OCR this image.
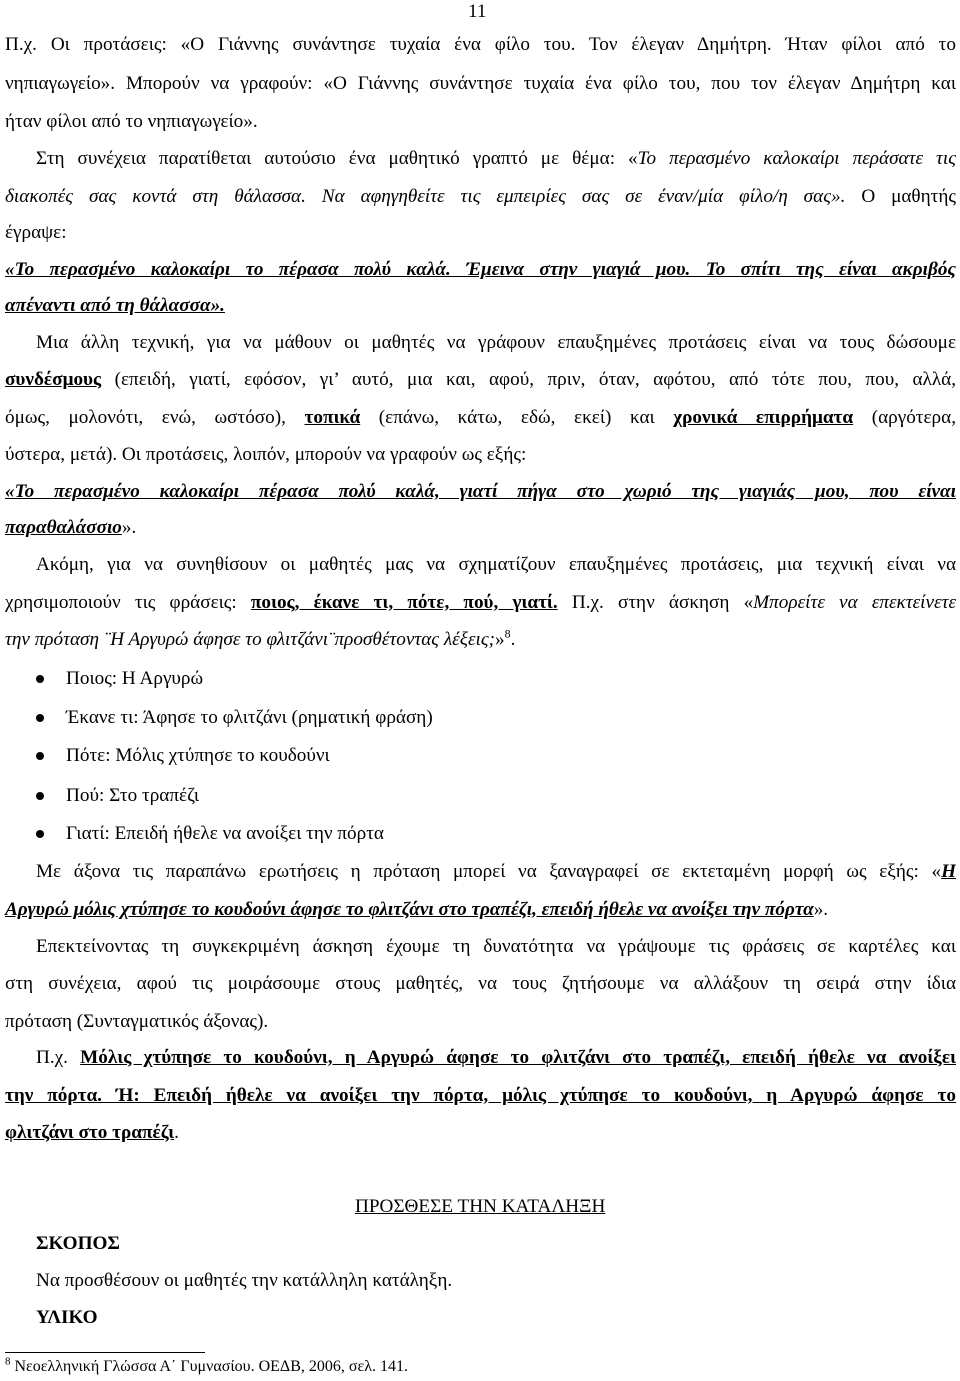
11
Π.χ. Οι προτάσεις: «Ο Γιάννης συνάντησε τυχαία ένα φίλο του. Τον έλεγαν Δημήτρη. Ήταν φίλοι από το
νηπιαγωγείο». Μπορούν να γραφούν: «Ο Γιάννης συνάντησε τυχαία ένα φίλο του, που τον έλεγαν Δημήτρη και
ήταν φίλοι από το νηπιαγωγείο».
Στη συνέχεια παρατίθεται αυτούσιο ένα μαθητικό γραπτό με θέμα: «Το περασμένο καλοκαίρι περάσατε τις
διακοπές σας κοντά στη θάλασσα. Να αφηγηθείτε τις εμπειρίες σας σε έναν/μία φίλο/η σας». Ο μαθητής
έγραψε:
«Το περασμένο καλοκαίρι το πέρασα πολύ καλά. Έμεινα στην γιαγιά μου. Το σπίτι της είναι ακριβός
απέναντι από τη θάλασσα».
Μια άλλη τεχνική, για να μάθουν οι μαθητές να γράφουν επαυξημένες προτάσεις είναι να τους δώσουμε
συνδέσμους (επειδή, γιατί, εφόσον, γι’ αυτό, μια και, αφού, πριν, όταν, αφότου, από τότε που, που, αλλά,
όμως, μολονότι, ενώ, ωστόσο), τοπικά (επάνω, κάτω, εδώ, εκεί) και χρονικά επιρρήματα (αργότερα,
ύστερα, μετά). Οι προτάσεις, λοιπόν, μπορούν να γραφούν ως εξής:
«Το περασμένο καλοκαίρι πέρασα πολύ καλά, γιατί πήγα στο χωριό της γιαγιάς μου, που είναι
παραθαλάσσιο».
Ακόμη, για να συνηθίσουν οι μαθητές μας να σχηματίζουν επαυξημένες προτάσεις, μια τεχνική είναι να
χρησιμοποιούν τις φράσεις: ποιος, έκανε τι, πότε, πού, γιατί. Π.χ. στην άσκηση «Μπορείτε να επεκτείνετε
την πρόταση ¨Η Αργυρώ άφησε το φλιτζάνι¨προσθέτοντας λέξεις;»$^8$.
Ποιος: Η Αργυρώ
Έκανε τι: Άφησε το φλιτζάνι (ρηματική φράση)
Πότε: Μόλις χτύπησε το κουδούνι
Πού: Στο τραπέζι
Γιατί: Επειδή ήθελε να ανοίξει την πόρτα
Με άξονα τις παραπάνω ερωτήσεις η πρόταση μπορεί να ξαναγραφεί σε εκτεταμένη μορφή ως εξής: «Η
Αργυρώ μόλις χτύπησε το κουδούνι άφησε το φλιτζάνι στο τραπέζι, επειδή ήθελε να ανοίξει την πόρτα».
Επεκτείνοντας τη συγκεκριμένη άσκηση έχουμε τη δυνατότητα να γράψουμε τις φράσεις σε καρτέλες και
στη συνέχεια, αφού τις μοιράσουμε στους μαθητές, να τους ζητήσουμε να αλλάξουν τη σειρά στην ίδια
πρόταση (Συνταγματικός άξονας).
Π.χ. Μόλις χτύπησε το κουδούνι, η Αργυρώ άφησε το φλιτζάνι στο τραπέζι, επειδή ήθελε να ανοίξει
την πόρτα. Ή: Επειδή ήθελε να ανοίξει την πόρτα, μόλις χτύπησε το κουδούνι, η Αργυρώ άφησε το
φλιτζάνι στο τραπέζι.
ΠΡΟΣΘΕΣΕ ΤΗΝ ΚΑΤΑΛΗΞΗ
ΣΚΟΠΟΣ
Να προσθέσουν οι μαθητές την κατάλληλη κατάληξη.
ΥΛΙΚΟ
$^8$ Νεοελληνική Γλώσσα Α΄ Γυμνασίου. ΟΕΔΒ, 2006, σελ. 141.
